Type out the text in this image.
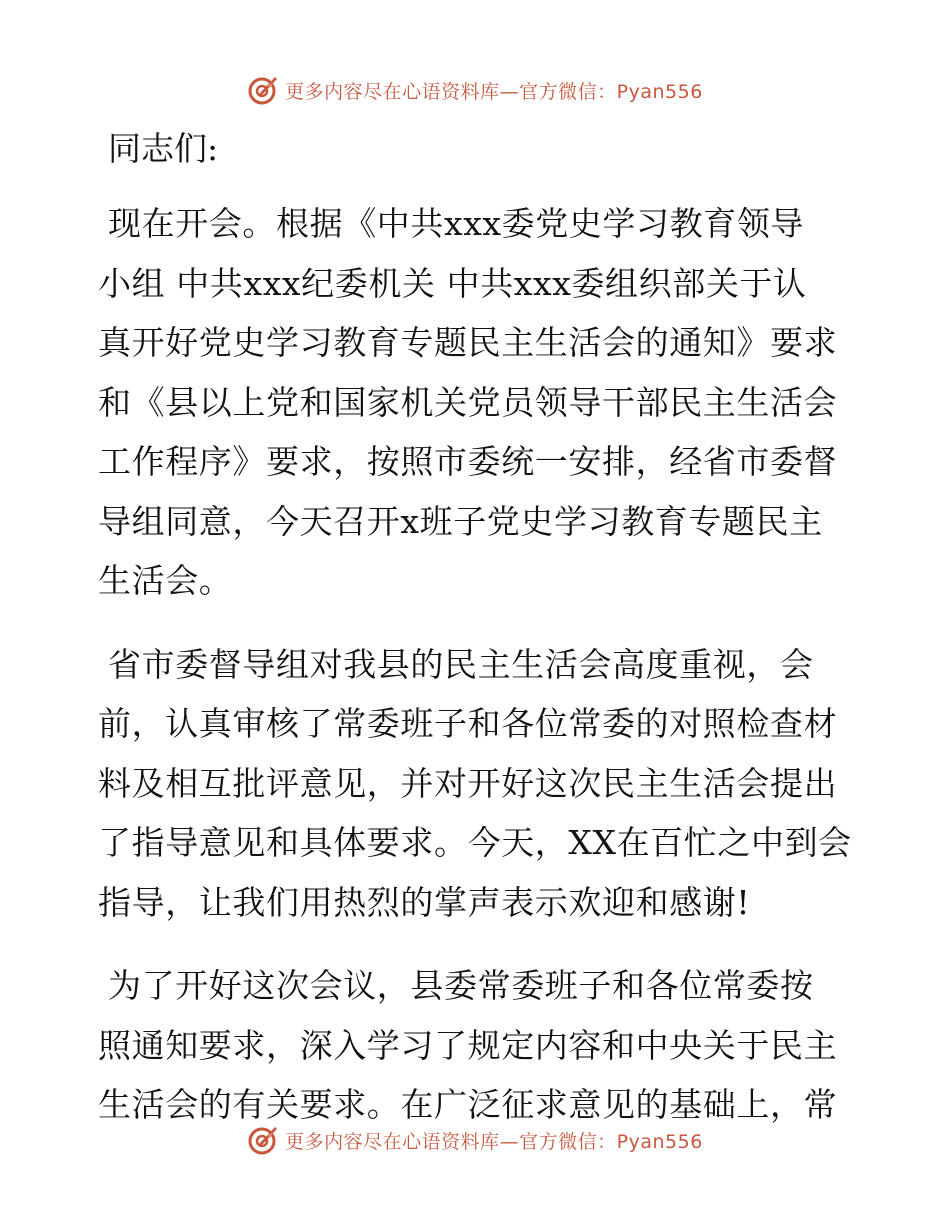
更多内容尽在心语资料库—官方微信：Pyan556
同志们:
现在开会。根据《中共xxx委党史学习教育领导
小组 中共xxx纪委机关 中共xxx委组织部关于认
真开好党史学习教育专题民主生活会的通知》要求
和《县以上党和国家机关党员领导干部民主生活会
工作程序》要求，按照市委统一安排，经省市委督
导组同意，今天召开x班子党史学习教育专题民主
生活会。
省市委督导组对我县的民主生活会高度重视，会
前，认真审核了常委班子和各位常委的对照检查材
料及相互批评意见，并对开好这次民主生活会提出
了指导意见和具体要求。今天，XX在百忙之中到会
指导，让我们用热烈的掌声表示欢迎和感谢!
为了开好这次会议，县委常委班子和各位常委按
照通知要求，深入学习了规定内容和中央关于民主
生活会的有关要求。在广泛征求意见的基础上，常
更多内容尽在心语资料库—官方微信：Pyan556
